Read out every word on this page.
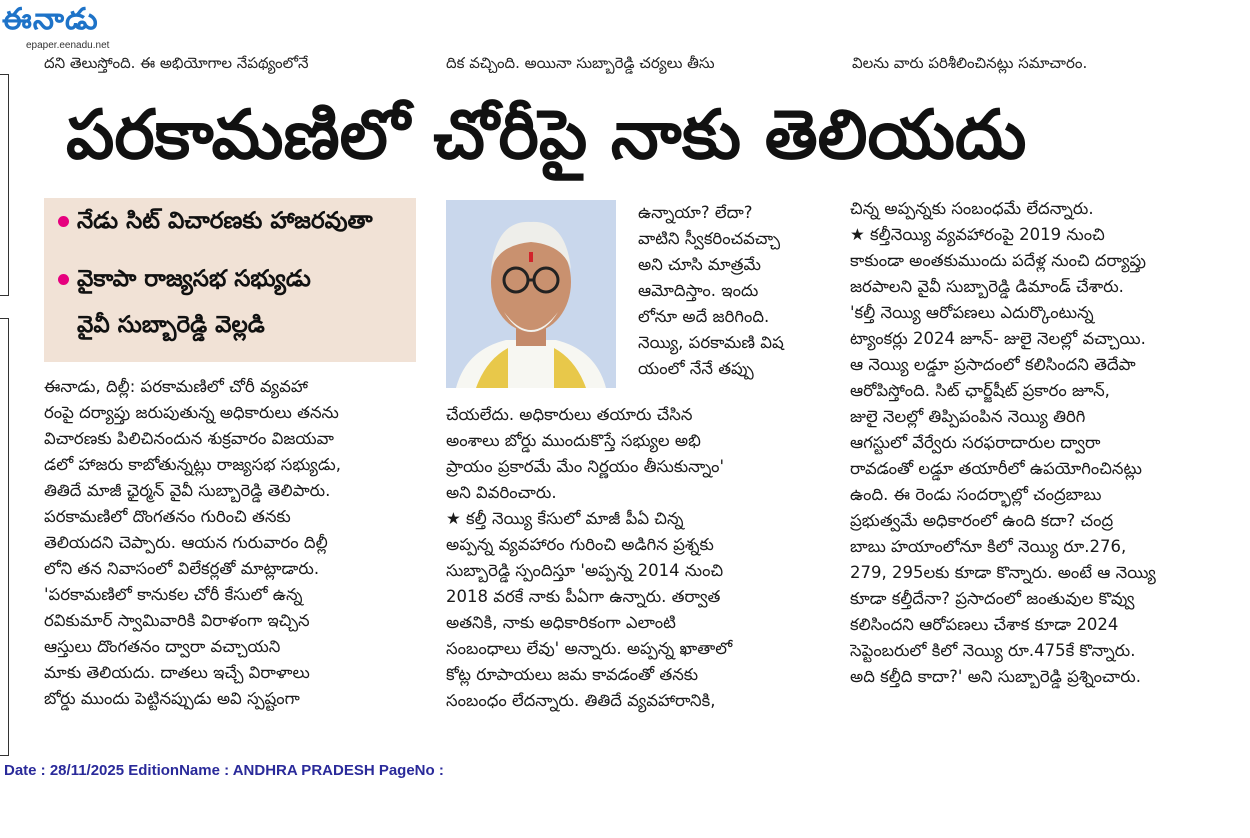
ఈనాడు
epaper.eenadu.net
దని తెలుస్తోంది. ఈ అభియోగాల నేపథ్యంలోనే	దిక వచ్చింది. అయినా సుబ్బారెడ్డి చర్యలు తీసు	విలను వారు పరిశీలించినట్లు సమాచారం.
పరకామణిలో చోరీపై నాకు తెలియదు
నేడు సిట్ విచారణకు హాజరవుతా
వైకాపా రాజ్యసభ సభ్యుడు
వైవీ సుబ్బారెడ్డి వెల్లడి

ఈనాడు, దిల్లీ: పరకామణిలో చోరీ వ్యవహా

రంపై దర్యాప్తు జరుపుతున్న అధికారులు తనను

విచారణకు పిలిచినందున శుక్రవారం విజయవా

డలో హాజరు కాబోతున్నట్లు రాజ్యసభ సభ్యుడు,

తితిదే మాజీ ఛైర్మన్ వైవీ సుబ్బారెడ్డి తెలిపారు.

పరకామణిలో దొంగతనం గురించి తనకు

తెలియదని చెప్పారు. ఆయన గురువారం దిల్లీ

లోని తన నివాసంలో విలేకర్లతో మాట్లాడారు.

'పరకామణిలో కానుకల చోరీ కేసులో ఉన్న

రవికుమార్ స్వామివారికి విరాళంగా ఇచ్చిన

ఆస్తులు దొంగతనం ద్వారా వచ్చాయని

మాకు తెలియదు. దాతలు ఇచ్చే విరాళాలు

బోర్డు ముందు పెట్టినప్పుడు అవి స్పష్టంగా

ఉన్నాయా? లేదా?

వాటిని స్వీకరించవచ్చా

అని చూసి మాత్రమే

ఆమోదిస్తాం. ఇందు

లోనూ అదే జరిగింది.

నెయ్యి, పరకామణి విష

యంలో నేనే తప్పు

చేయలేదు. అధికారులు తయారు చేసిన

అంశాలు బోర్డు ముందుకొస్తే సభ్యుల అభి

ప్రాయం ప్రకారమే మేం నిర్ణయం తీసుకున్నాం'

అని వివరించారు.

★ కల్తీ నెయ్యి కేసులో మాజీ పీఏ చిన్న

అప్పన్న వ్యవహారం గురించి అడిగిన ప్రశ్నకు

సుబ్బారెడ్డి స్పందిస్తూ 'అప్పన్న 2014 నుంచి

2018 వరకే నాకు పీఏగా ఉన్నారు. తర్వాత

అతనికి, నాకు అధికారికంగా ఎలాంటి

సంబంధాలు లేవు' అన్నారు. అప్పన్న ఖాతాలో

కోట్ల రూపాయలు జమ కావడంతో తనకు

సంబంధం లేదన్నారు. తితిదే వ్యవహారానికి,

చిన్న అప్పన్నకు సంబంధమే లేదన్నారు.

★ కల్తీనెయ్యి వ్యవహారంపై 2019 నుంచి

కాకుండా అంతకుముందు పదేళ్ల నుంచి దర్యాప్తు

జరపాలని వైవీ సుబ్బారెడ్డి డిమాండ్ చేశారు.

'కల్తీ నెయ్యి ఆరోపణలు ఎదుర్కొంటున్న

ట్యాంకర్లు 2024 జూన్- జులై నెలల్లో వచ్చాయి.

ఆ నెయ్యి లడ్డూ ప్రసాదంలో కలిసిందని తెదేపా

ఆరోపిస్తోంది. సిట్ ఛార్జ్‌షీట్ ప్రకారం జూన్,

జులై నెలల్లో తిప్పిపంపిన నెయ్యి తిరిగి

ఆగస్టులో వేర్వేరు సరఫరాదారుల ద్వారా

రావడంతో లడ్డూ తయారీలో ఉపయోగించినట్లు

ఉంది. ఈ రెండు సందర్భాల్లో చంద్రబాబు

ప్రభుత్వమే అధికారంలో ఉంది కదా? చంద్ర

బాబు హయాంలోనూ కిలో నెయ్యి రూ.276,

279, 295లకు కూడా కొన్నారు. అంటే ఆ నెయ్యి

కూడా కల్తీదేనా? ప్రసాదంలో జంతువుల కొవ్వు

కలిసిందని ఆరోపణలు చేశాక కూడా 2024

సెప్టెంబరులో కిలో నెయ్యి రూ.475కే కొన్నారు.

అది కల్తీది కాదా?' అని సుబ్బారెడ్డి ప్రశ్నించారు.

Date : 28/11/2025 EditionName : ANDHRA PRADESH PageNo :
